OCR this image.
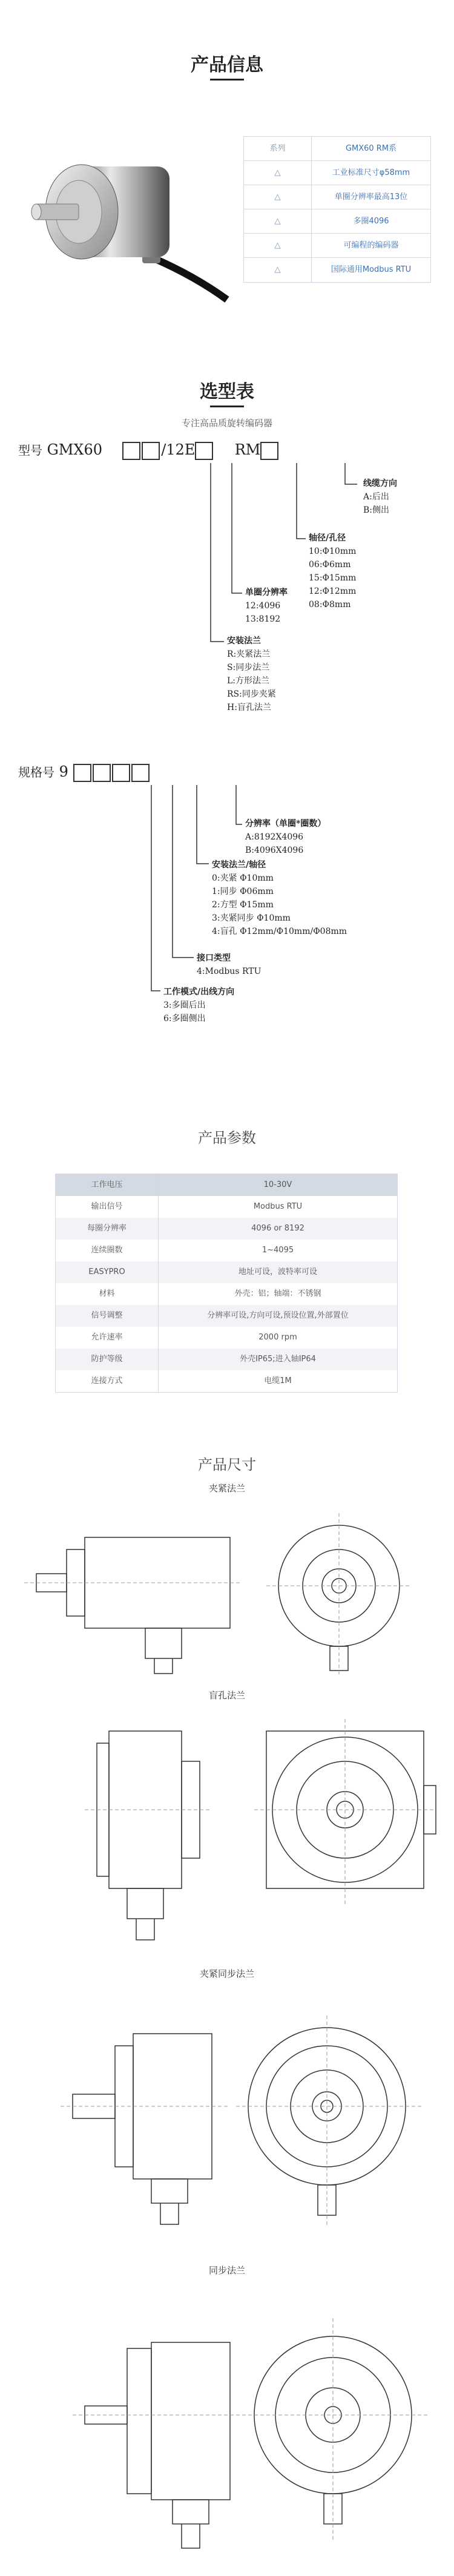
产品信息
系列	GMX60 RM系
△	工业标准尺寸φ58mm
△	单圈分辨率最高13位
△	多圈4096
△	可编程的编码器
△	国际通用Modbus RTU
选型表
专注高品质旋转编码器
型号 GMX60	/12E	RM
线缆方向
A:后出
B:侧出
轴径/孔径
10:Φ10mm
06:Φ6mm
15:Φ15mm
12:Φ12mm
08:Φ8mm
单圈分辨率
12:4096
13:8192
安装法兰
R:夹紧法兰
S:同步法兰
L:方形法兰
RS:同步夹紧
H:盲孔法兰
规格号 9
分辨率（单圈*圈数）
A:8192X4096
B:4096X4096
安装法兰/轴径
0:夹紧 Φ10mm
1:同步 Φ06mm
2:方型 Φ15mm
3:夹紧同步 Φ10mm
4:盲孔 Φ12mm/Φ10mm/Φ08mm
接口类型
4:Modbus RTU
工作模式/出线方向
3:多圈后出
6:多圈侧出
产品参数
工作电压	10-30V
输出信号	Modbus RTU
每圈分辨率	4096 or 8192
连续圈数	1~4095
EASYPRO	地址可设，波特率可设
材料	外壳：铝；轴端：不锈钢
信号调整	分辨率可设,方向可设,预设位置,外部置位
允许速率	2000 rpm
防护等级	外壳IP65;进入轴IP64
连接方式	电缆1M
产品尺寸
夹紧法兰
盲孔法兰
夹紧同步法兰
同步法兰
